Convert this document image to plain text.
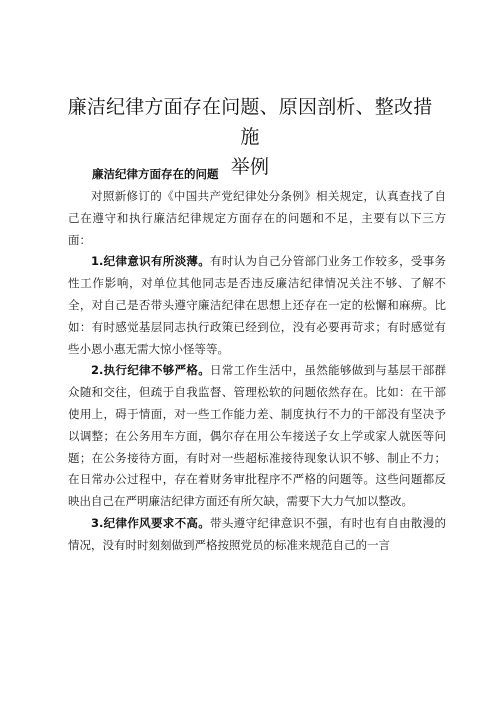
廉洁纪律方面存在问题、原因剖析、整改措施
举例
廉洁纪律方面存在的问题

对照新修订的《中国共产党纪律处分条例》相关规定，认真查找了自己在遵守和执行廉洁纪律规定方面存在的问题和不足，主要有以下三方面：

1.纪律意识有所淡薄。有时认为自己分管部门业务工作较多，受事务性工作影响，对单位其他同志是否违反廉洁纪律情况关注不够、了解不全，对自己是否带头遵守廉洁纪律在思想上还存在一定的松懈和麻痹。比如：有时感觉基层同志执行政策已经到位，没有必要再苛求；有时感觉有些小恩小惠无需大惊小怪等等。

2.执行纪律不够严格。日常工作生活中，虽然能够做到与基层干部群众随和交往，但疏于自我监督、管理松软的问题依然存在。比如：在干部使用上，碍于情面，对一些工作能力差、制度执行不力的干部没有坚决予以调整；在公务用车方面，偶尔存在用公车接送子女上学或家人就医等问题；在公务接待方面，有时对一些超标准接待现象认识不够、制止不力；在日常办公过程中，存在着财务审批程序不严格的问题等。这些问题都反映出自己在严明廉洁纪律方面还有所欠缺，需要下大力气加以整改。

3.纪律作风要求不高。带头遵守纪律意识不强，有时也有自由散漫的情况，没有时时刻刻做到严格按照党员的标准来规范自己的一言
